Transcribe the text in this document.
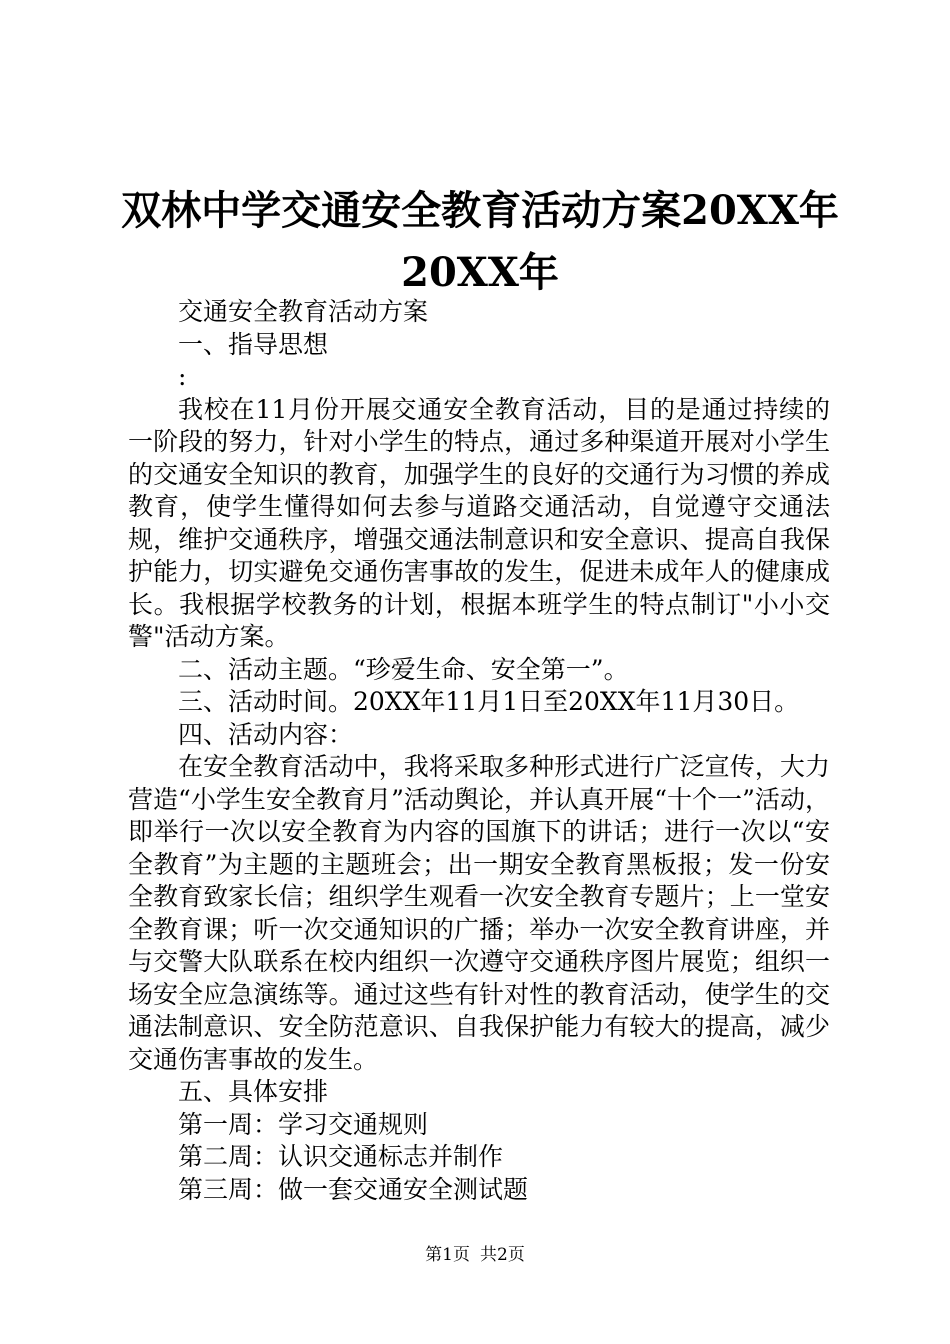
双林中学交通安全教育活动方案20XX年20XX年

交通安全教育活动方案

一、指导思想

:

我校在11月份开展交通安全教育活动，目的是通过持续的一阶段的努力，针对小学生的特点，通过多种渠道开展对小学生的交通安全知识的教育，加强学生的良好的交通行为习惯的养成教育，使学生懂得如何去参与道路交通活动，自觉遵守交通法规，维护交通秩序，增强交通法制意识和安全意识、提高自我保护能力，切实避免交通伤害事故的发生，促进未成年人的健康成长。我根据学校教务的计划，根据本班学生的特点制订"小小交警"活动方案。

二、活动主题。“珍爱生命、安全第一”。

三、活动时间。20XX年11月1日至20XX年11月30日。

四、活动内容：

在安全教育活动中，我将采取多种形式进行广泛宣传，大力营造“小学生安全教育月”活动舆论，并认真开展“十个一”活动，即举行一次以安全教育为内容的国旗下的讲话；进行一次以“安全教育”为主题的主题班会；出一期安全教育黑板报；发一份安全教育致家长信；组织学生观看一次安全教育专题片；上一堂安全教育课；听一次交通知识的广播；举办一次安全教育讲座，并与交警大队联系在校内组织一次遵守交通秩序图片展览；组织一场安全应急演练等。通过这些有针对性的教育活动，使学生的交通法制意识、安全防范意识、自我保护能力有较大的提高，减少交通伤害事故的发生。

五、具体安排

第一周：学习交通规则

第二周：认识交通标志并制作

第三周：做一套交通安全测试题

第1页 共2页
